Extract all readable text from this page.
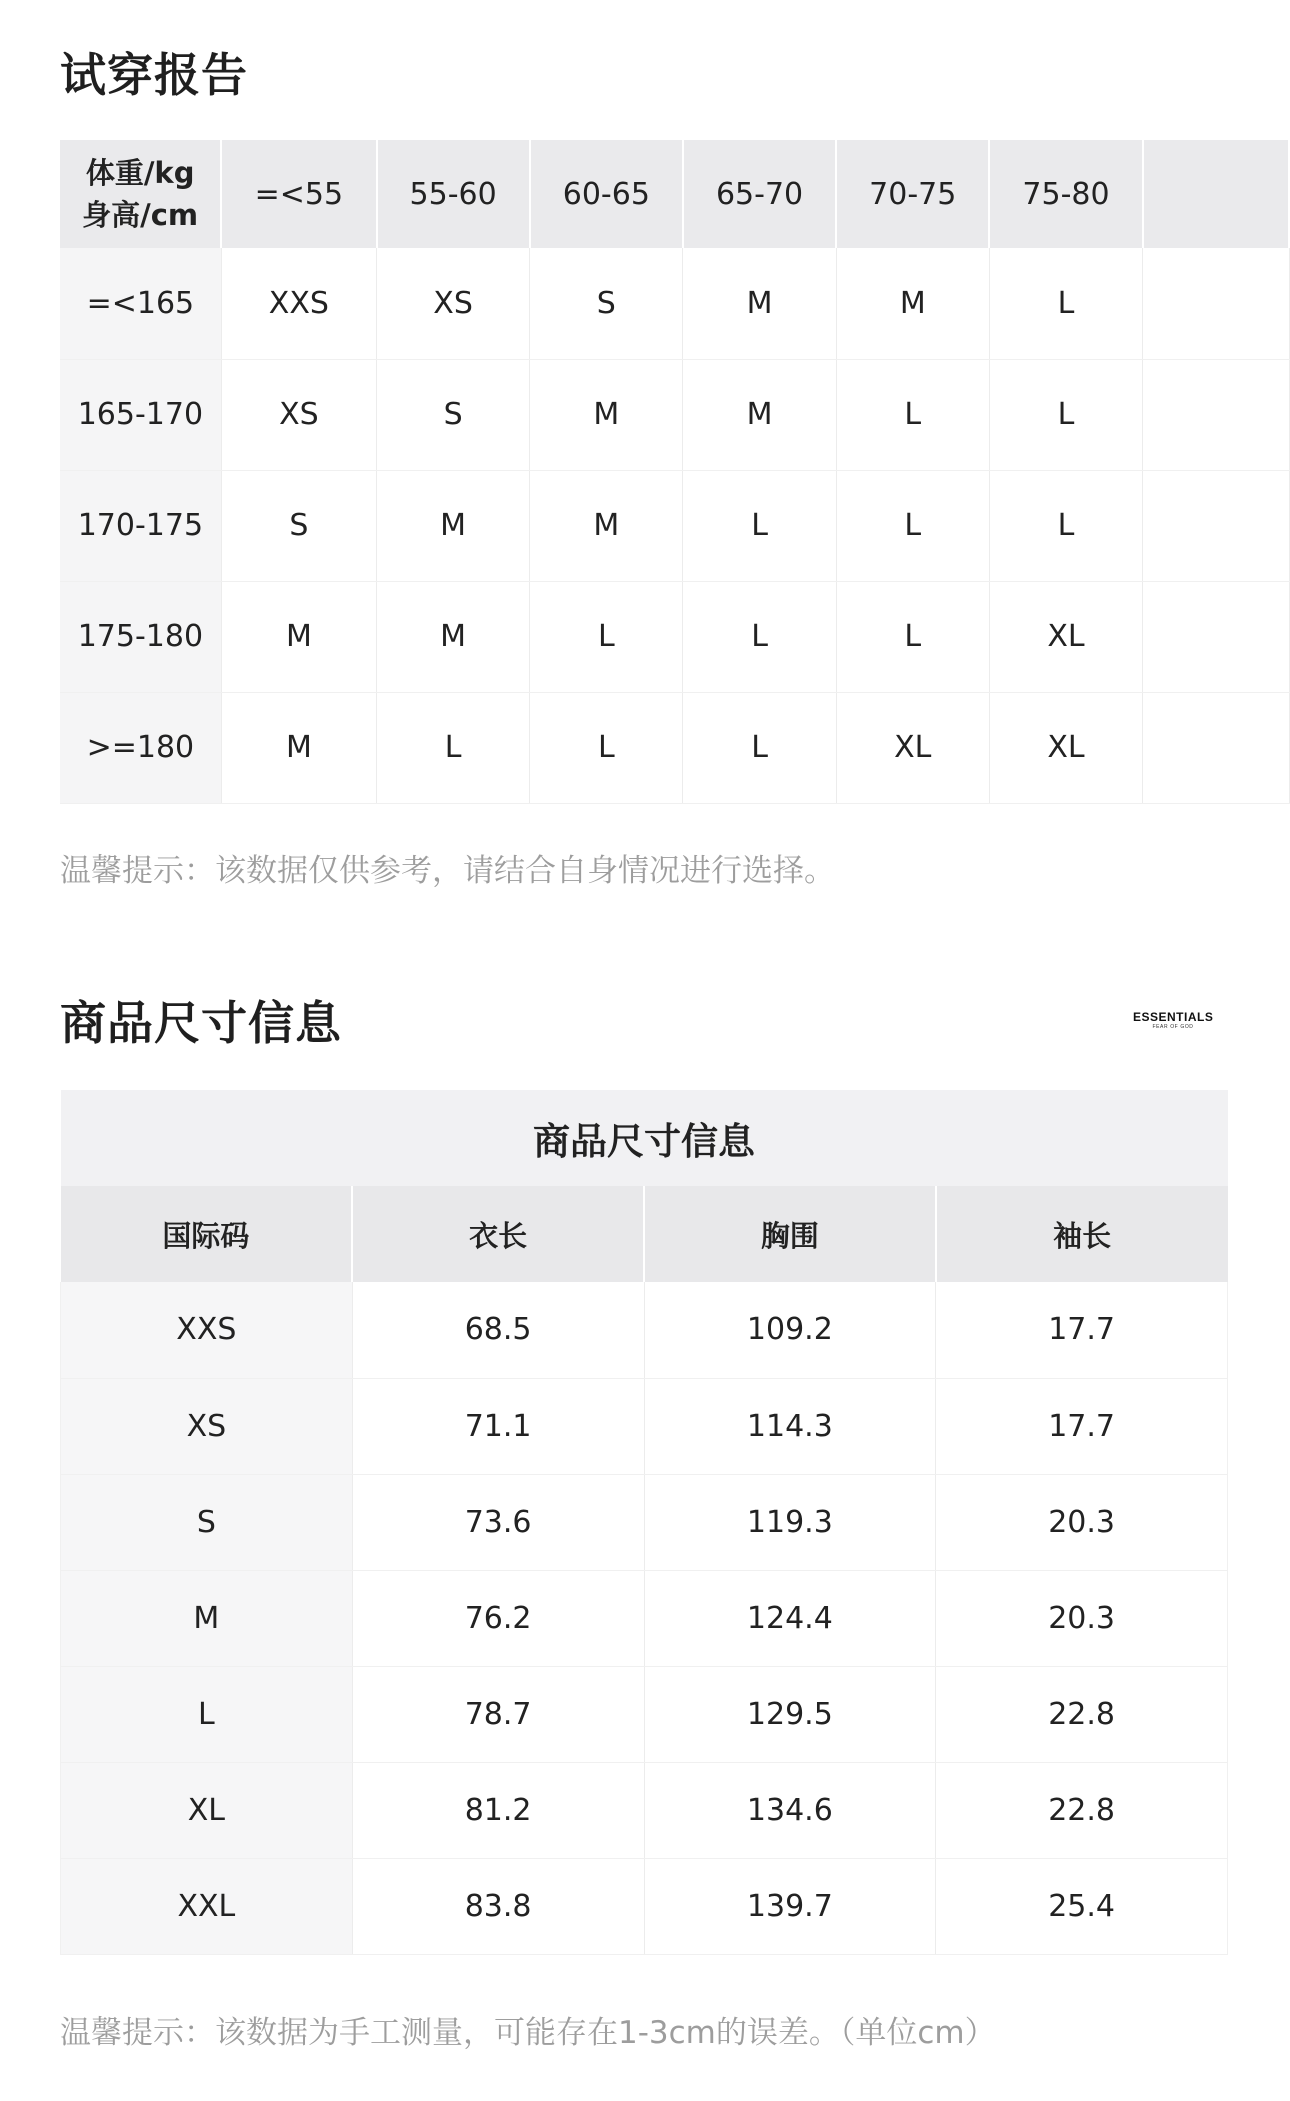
试穿报告
体重/kg
身高/cm	=<55	55-60	60-65	65-70	70-75	75-80	
=<165	XXS	XS	S	M	M	L	
165-170	XS	S	M	M	L	L	
170-175	S	M	M	L	L	L	
175-180	M	M	L	L	L	XL	
>=180	M	L	L	L	XL	XL	
温馨提示：该数据仅供参考，请结合自身情况进行选择。
商品尺寸信息	ESSENTIALS
FEAR OF GOD
商品尺寸信息			
国际码	衣长	胸围	袖长
XXS	68.5	109.2	17.7
XS	71.1	114.3	17.7
S	73.6	119.3	20.3
M	76.2	124.4	20.3
L	78.7	129.5	22.8
XL	81.2	134.6	22.8
XXL	83.8	139.7	25.4
温馨提示：该数据为手工测量，可能存在1-3cm的误差。（单位cm）
